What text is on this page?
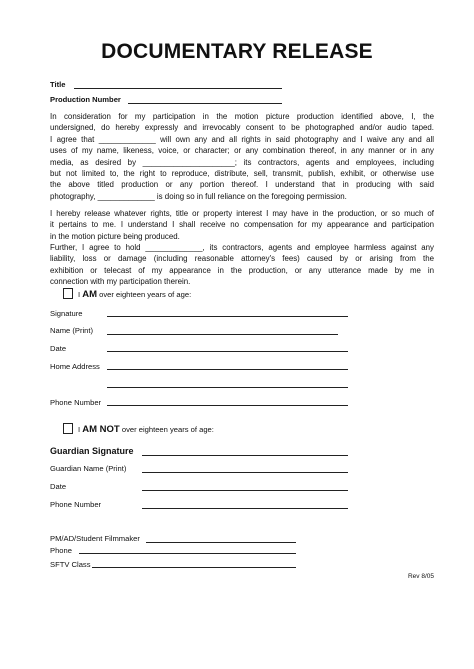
DOCUMENTARY RELEASE
Title
Production Number
In consideration for my participation in the motion picture production identified above, I, the
undersigned, do hereby expressly and irrevocably consent to be photographed and/or audio taped.
I agree that _____________ will own any and all rights in said photography and I waive any and all
uses of my name, likeness, voice, or character; or any combination thereof, in any manner or in any
media, as desired by _____________________; its contractors, agents and employees, including
but not limited to, the right to reproduce, distribute, sell, transmit, publish, exhibit, or otherwise use
the above titled production or any portion thereof. I understand that in producing with said
photography, _____________ is doing so in full reliance on the foregoing permission.
I hereby release whatever rights, title or property interest I may have in the production, or so much of
it pertains to me. I understand I shall receive no compensation for my appearance and participation
in the motion picture being produced.
Further, I agree to hold _____________, its contractors, agents and employee harmless against any
liability, loss or damage (including reasonable attorney's fees) caused by or arising from the
exhibition or telecast of my appearance in the production, or any utterance made by me in
connection with my participation therein.
I AM over eighteen years of age:
Signature
Name (Print)
Date
Home Address
Phone Number
I AM NOT over eighteen years of age:
Guardian Signature
Guardian Name (Print)
Date
Phone Number
PM/AD/Student Filmmaker
Phone
SFTV Class
Rev 8/05
